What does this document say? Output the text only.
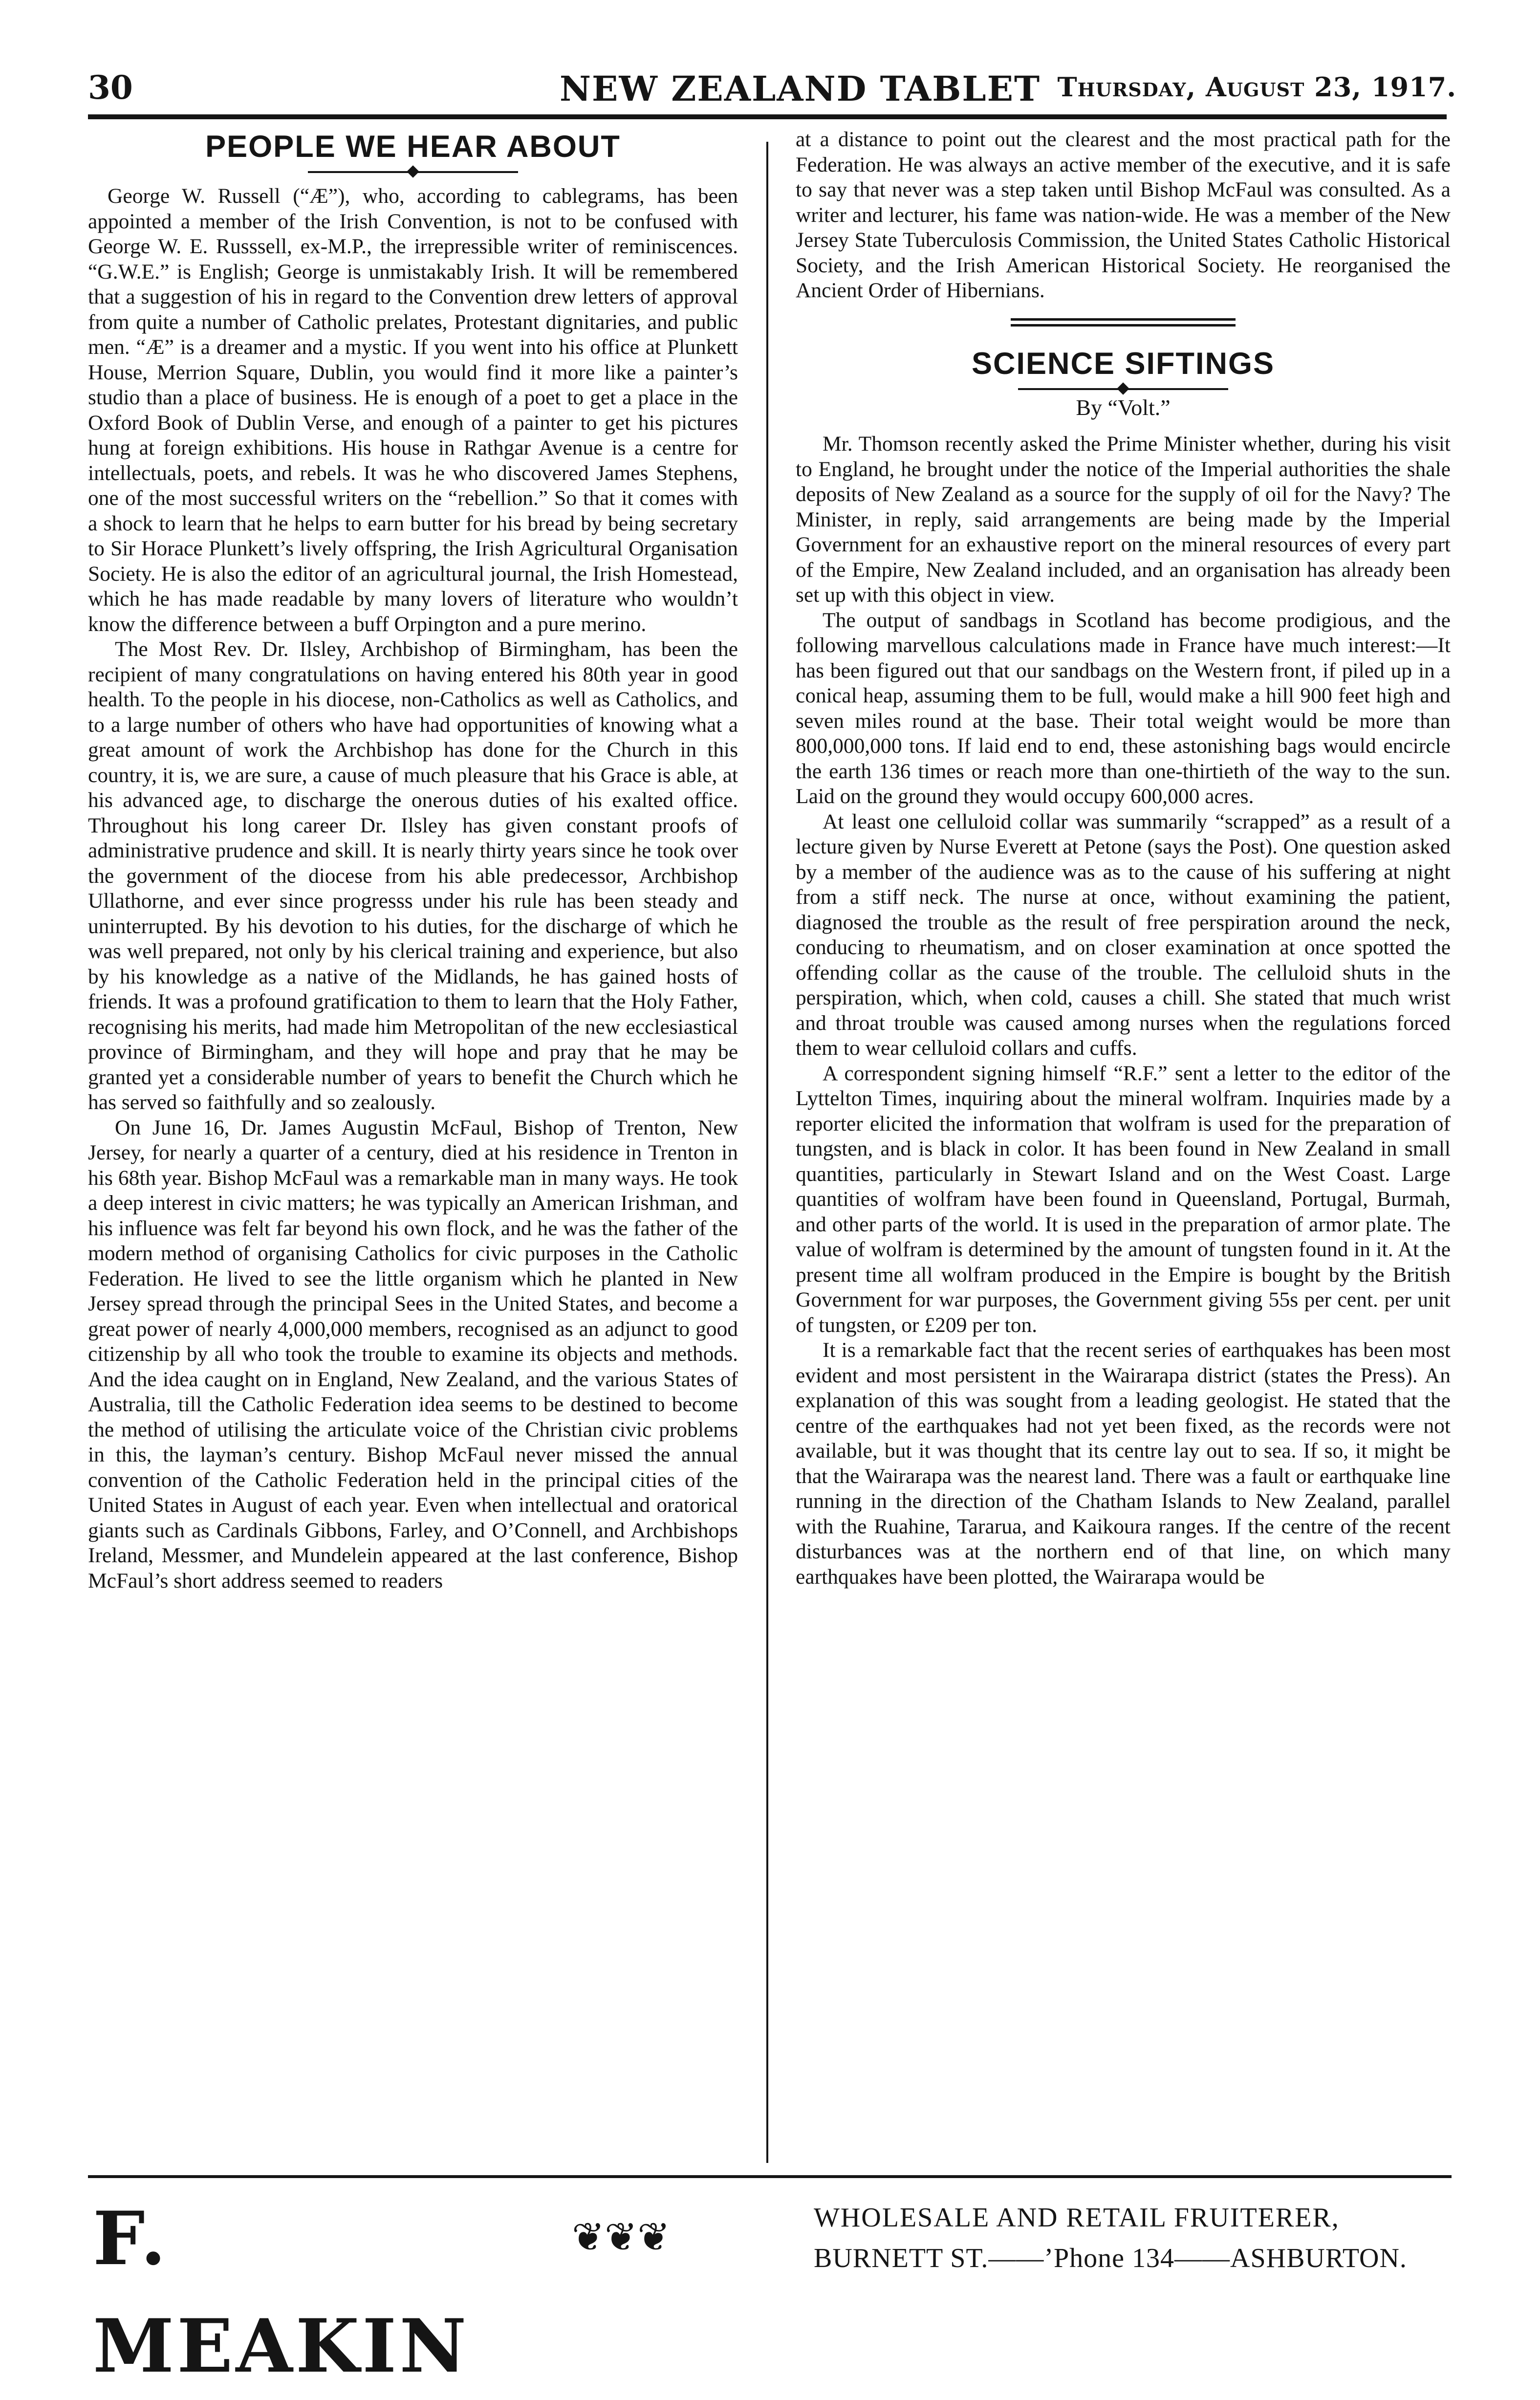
30	NEW ZEALAND TABLET Thursday, August 23, 1917.
PEOPLE WE HEAR ABOUT

George W. Russell (“Æ”), who, according to cablegrams, has been appointed a member of the Irish Convention, is not to be confused with George W. E. Russsell, ex-M.P., the irrepressible writer of reminiscences. “G.W.E.” is English; George is unmistakably Irish. It will be remembered that a suggestion of his in regard to the Convention drew letters of approval from quite a number of Catholic prelates, Protestant dignitaries, and public men. “Æ” is a dreamer and a mystic. If you went into his office at Plunkett House, Merrion Square, Dublin, you would find it more like a painter’s studio than a place of business. He is enough of a poet to get a place in the Oxford Book of Dublin Verse, and enough of a painter to get his pictures hung at foreign exhibitions. His house in Rathgar Avenue is a centre for intellectuals, poets, and rebels. It was he who discovered James Stephens, one of the most successful writers on the “rebellion.” So that it comes with a shock to learn that he helps to earn butter for his bread by being secretary to Sir Horace Plunkett’s lively offspring, the Irish Agricultural Organisation Society. He is also the editor of an agricultural journal, the Irish Homestead, which he has made readable by many lovers of literature who wouldn’t know the difference between a buff Orpington and a pure merino.

The Most Rev. Dr. Ilsley, Archbishop of Birmingham, has been the recipient of many congratulations on having entered his 80th year in good health. To the people in his diocese, non-Catholics as well as Catholics, and to a large number of others who have had opportunities of knowing what a great amount of work the Archbishop has done for the Church in this country, it is, we are sure, a cause of much pleasure that his Grace is able, at his advanced age, to discharge the onerous duties of his exalted office. Throughout his long career Dr. Ilsley has given constant proofs of administrative prudence and skill. It is nearly thirty years since he took over the government of the diocese from his able predecessor, Archbishop Ullathorne, and ever since progresss under his rule has been steady and uninterrupted. By his devotion to his duties, for the discharge of which he was well prepared, not only by his clerical training and experience, but also by his knowledge as a native of the Midlands, he has gained hosts of friends. It was a profound gratification to them to learn that the Holy Father, recognising his merits, had made him Metropolitan of the new ecclesiastical province of Birmingham, and they will hope and pray that he may be granted yet a considerable number of years to benefit the Church which he has served so faithfully and so zealously.

On June 16, Dr. James Augustin McFaul, Bishop of Trenton, New Jersey, for nearly a quarter of a century, died at his residence in Trenton in his 68th year. Bishop McFaul was a remarkable man in many ways. He took a deep interest in civic matters; he was typically an American Irishman, and his influence was felt far beyond his own flock, and he was the father of the modern method of organising Catholics for civic purposes in the Catholic Federation. He lived to see the little organism which he planted in New Jersey spread through the principal Sees in the United States, and become a great power of nearly 4,000,000 members, recognised as an adjunct to good citizenship by all who took the trouble to examine its objects and methods. And the idea caught on in England, New Zealand, and the various States of Australia, till the Catholic Federation idea seems to be destined to become the method of utilising the articulate voice of the Christian civic problems in this, the layman’s century. Bishop McFaul never missed the annual convention of the Catholic Federation held in the principal cities of the United States in August of each year. Even when intellectual and oratorical giants such as Cardinals Gibbons, Farley, and O’Connell, and Archbishops Ireland, Messmer, and Mundelein appeared at the last conference, Bishop McFaul’s short address seemed to readers

at a distance to point out the clearest and the most practical path for the Federation. He was always an active member of the executive, and it is safe to say that never was a step taken until Bishop McFaul was consulted. As a writer and lecturer, his fame was nation-wide. He was a member of the New Jersey State Tuberculosis Commission, the United States Catholic Historical Society, and the Irish American Historical Society. He reorganised the Ancient Order of Hibernians.

SCIENCE SIFTINGS
By “Volt.”

Mr. Thomson recently asked the Prime Minister whether, during his visit to England, he brought under the notice of the Imperial authorities the shale deposits of New Zealand as a source for the supply of oil for the Navy? The Minister, in reply, said arrangements are being made by the Imperial Government for an exhaustive report on the mineral resources of every part of the Empire, New Zealand included, and an organisation has already been set up with this object in view.

The output of sandbags in Scotland has become prodigious, and the following marvellous calculations made in France have much interest:—It has been figured out that our sandbags on the Western front, if piled up in a conical heap, assuming them to be full, would make a hill 900 feet high and seven miles round at the base. Their total weight would be more than 800,000,000 tons. If laid end to end, these astonishing bags would encircle the earth 136 times or reach more than one-thirtieth of the way to the sun. Laid on the ground they would occupy 600,000 acres.

At least one celluloid collar was summarily “scrapped” as a result of a lecture given by Nurse Everett at Petone (says the Post). One question asked by a member of the audience was as to the cause of his suffering at night from a stiff neck. The nurse at once, without examining the patient, diagnosed the trouble as the result of free perspiration around the neck, conducing to rheumatism, and on closer examination at once spotted the offending collar as the cause of the trouble. The celluloid shuts in the perspiration, which, when cold, causes a chill. She stated that much wrist and throat trouble was caused among nurses when the regulations forced them to wear celluloid collars and cuffs.

A correspondent signing himself “R.F.” sent a letter to the editor of the Lyttelton Times, inquiring about the mineral wolfram. Inquiries made by a reporter elicited the information that wolfram is used for the preparation of tungsten, and is black in color. It has been found in New Zealand in small quantities, particularly in Stewart Island and on the West Coast. Large quantities of wolfram have been found in Queensland, Portugal, Burmah, and other parts of the world. It is used in the preparation of armor plate. The value of wolfram is determined by the amount of tungsten found in it. At the present time all wolfram produced in the Empire is bought by the British Government for war purposes, the Government giving 55s per cent. per unit of tungsten, or £209 per ton.

It is a remarkable fact that the recent series of earthquakes has been most evident and most persistent in the Wairarapa district (states the Press). An explanation of this was sought from a leading geologist. He stated that the centre of the earthquakes had not yet been fixed, as the records were not available, but it was thought that its centre lay out to sea. If so, it might be that the Wairarapa was the nearest land. There was a fault or earthquake line running in the direction of the Chatham Islands to New Zealand, parallel with the Ruahine, Tararua, and Kaikoura ranges. If the centre of the recent disturbances was at the northern end of that line, on which many earthquakes have been plotted, the Wairarapa would be

F. MEAKIN
❦❦❦	WHOLESALE AND RETAIL FRUITERER,
BURNETT ST.——’Phone 134——ASHBURTON.
